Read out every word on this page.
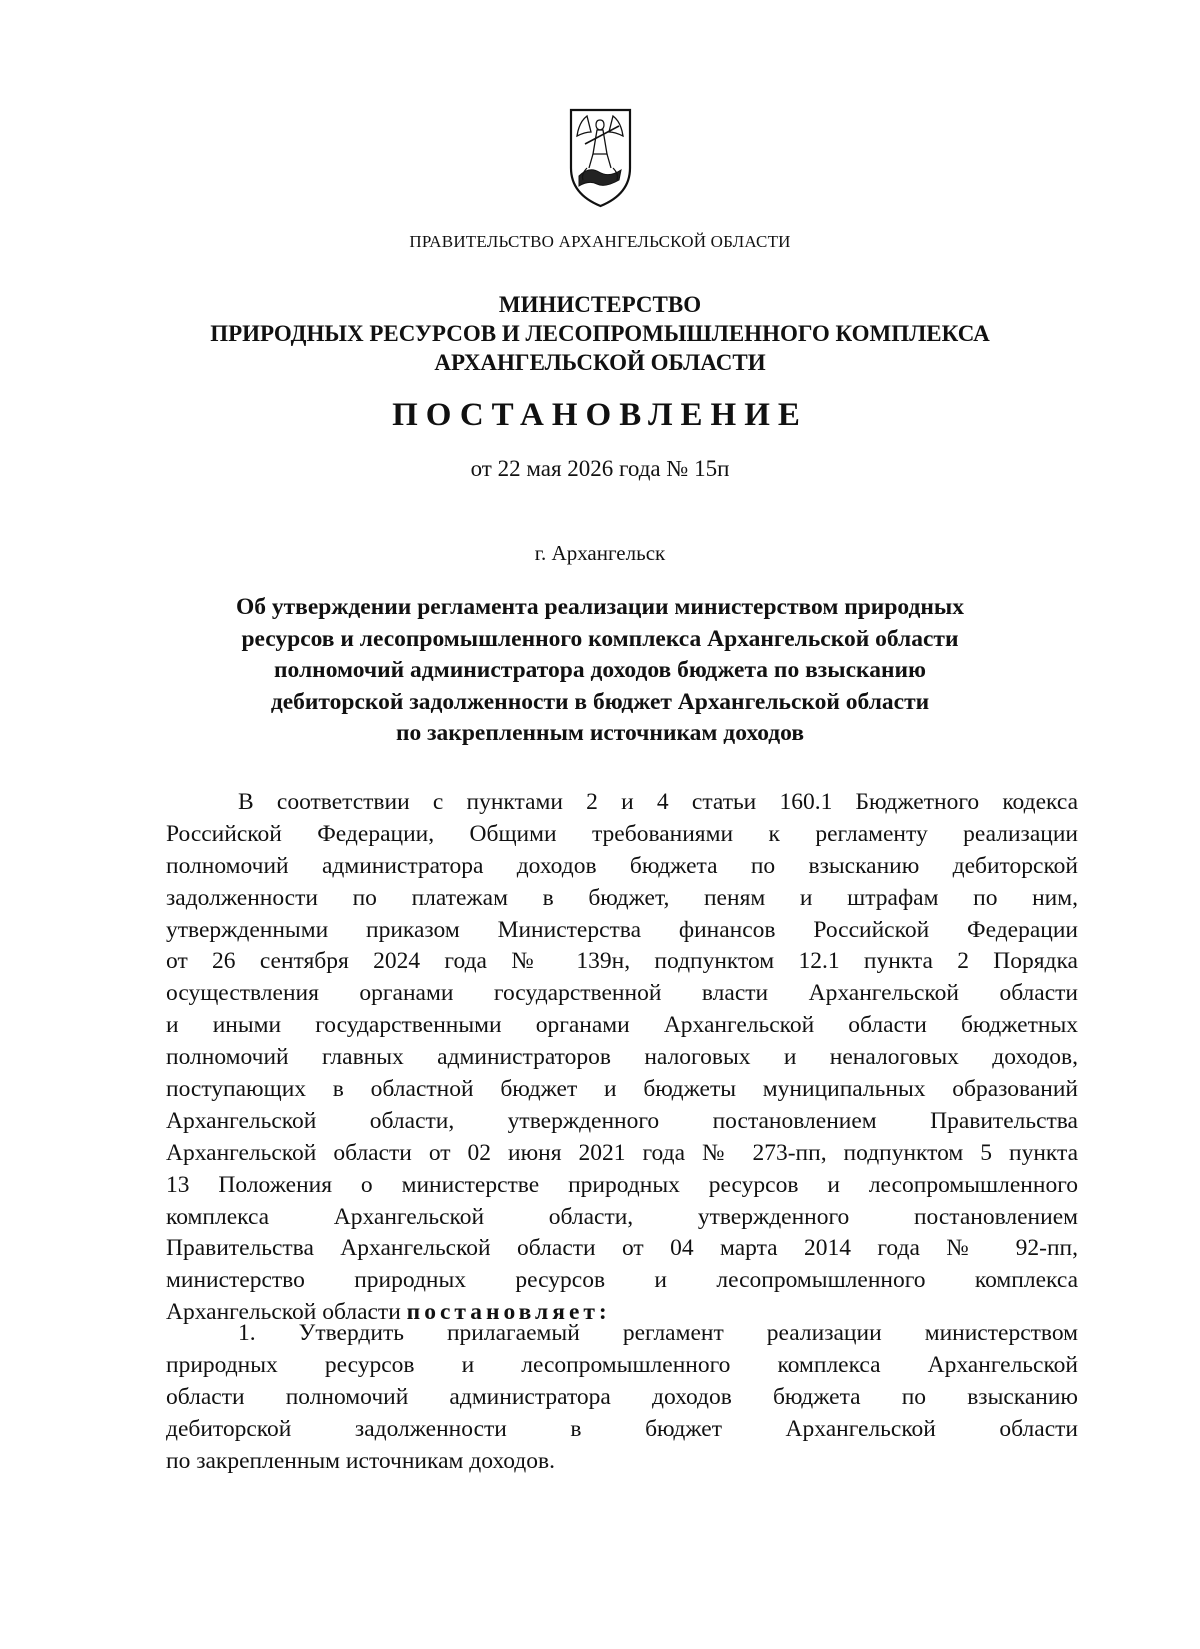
ПРАВИТЕЛЬСТВО АРХАНГЕЛЬСКОЙ ОБЛАСТИ
МИНИСТЕРСТВО
ПРИРОДНЫХ РЕСУРСОВ И ЛЕСОПРОМЫШЛЕННОГО КОМПЛЕКСА
АРХАНГЕЛЬСКОЙ ОБЛАСТИ
ПОСТАНОВЛЕНИЕ
от 22 мая 2026 года № 15п
г. Архангельск
Об утверждении регламента реализации министерством природных
ресурсов и лесопромышленного комплекса Архангельской области
полномочий администратора доходов бюджета по взысканию
дебиторской задолженности в бюджет Архангельской области
по закрепленным источникам доходов
В соответствии с пунктами 2 и 4 статьи 160.1 Бюджетного кодекса
Российской Федерации, Общими требованиями к регламенту реализации
полномочий администратора доходов бюджета по взысканию дебиторской
задолженности по платежам в бюджет, пеням и штрафам по ним,
утвержденными приказом Министерства финансов Российской Федерации
от 26 сентября 2024 года № 139н, подпунктом 12.1 пункта 2 Порядка
осуществления органами государственной власти Архангельской области
и иными государственными органами Архангельской области бюджетных
полномочий главных администраторов налоговых и неналоговых доходов,
поступающих в областной бюджет и бюджеты муниципальных образований
Архангельской области, утвержденного постановлением Правительства
Архангельской области от 02 июня 2021 года № 273-пп, подпунктом 5 пункта
13 Положения о министерстве природных ресурсов и лесопромышленного
комплекса Архангельской области, утвержденного постановлением
Правительства Архангельской области от 04 марта 2014 года № 92-пп,
министерство природных ресурсов и лесопромышленного комплекса
Архангельской области постановляет:
1. Утвердить прилагаемый регламент реализации министерством
природных ресурсов и лесопромышленного комплекса Архангельской
области полномочий администратора доходов бюджета по взысканию
дебиторской задолженности в бюджет Архангельской области
по закрепленным источникам доходов.
